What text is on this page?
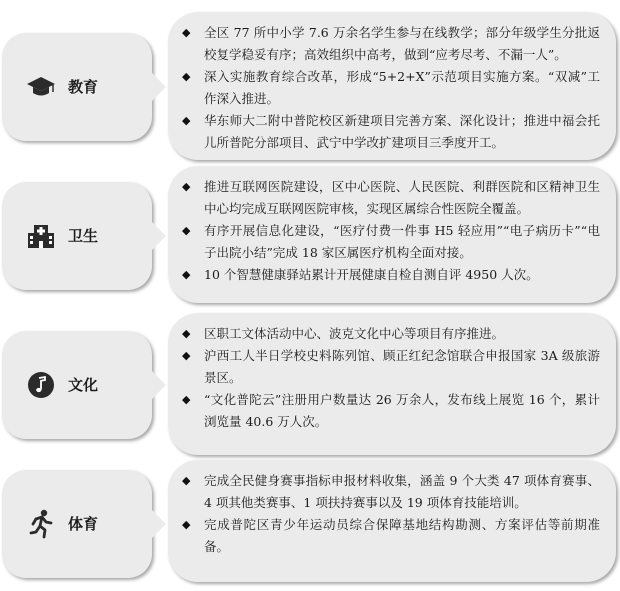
教育
◆ 全区 77 所中小学 7.6 万余名学生参与在线教学；部分年级学生分批返校复学稳妥有序；高效组织中高考，做到“应考尽考、不漏一人”。
◆ 深入实施教育综合改革，形成“5+2+X”示范项目实施方案。“双减”工作深入推进。
◆ 华东师大二附中普陀校区新建项目完善方案、深化设计；推进中福会托儿所普陀分部项目、武宁中学改扩建项目三季度开工。
卫生
◆ 推进互联网医院建设，区中心医院、人民医院、利群医院和区精神卫生中心均完成互联网医院审核，实现区属综合性医院全覆盖。
◆ 有序开展信息化建设，“医疗付费一件事 H5 轻应用”“电子病历卡”“电子出院小结”完成 18 家区属医疗机构全面对接。
◆ 10 个智慧健康驿站累计开展健康自检自测自评 4950 人次。
文化
◆ 区职工文体活动中心、波克文化中心等项目有序推进。
◆ 沪西工人半日学校史料陈列馆、顾正红纪念馆联合申报国家 3A 级旅游景区。
◆ “文化普陀云”注册用户数量达 26 万余人，发布线上展览 16 个，累计浏览量 40.6 万人次。
体育
◆ 完成全民健身赛事指标申报材料收集，涵盖 9 个大类 47 项体育赛事、4 项其他类赛事、1 项扶持赛事以及 19 项体育技能培训。
◆ 完成普陀区青少年运动员综合保障基地结构勘测、方案评估等前期准备。
